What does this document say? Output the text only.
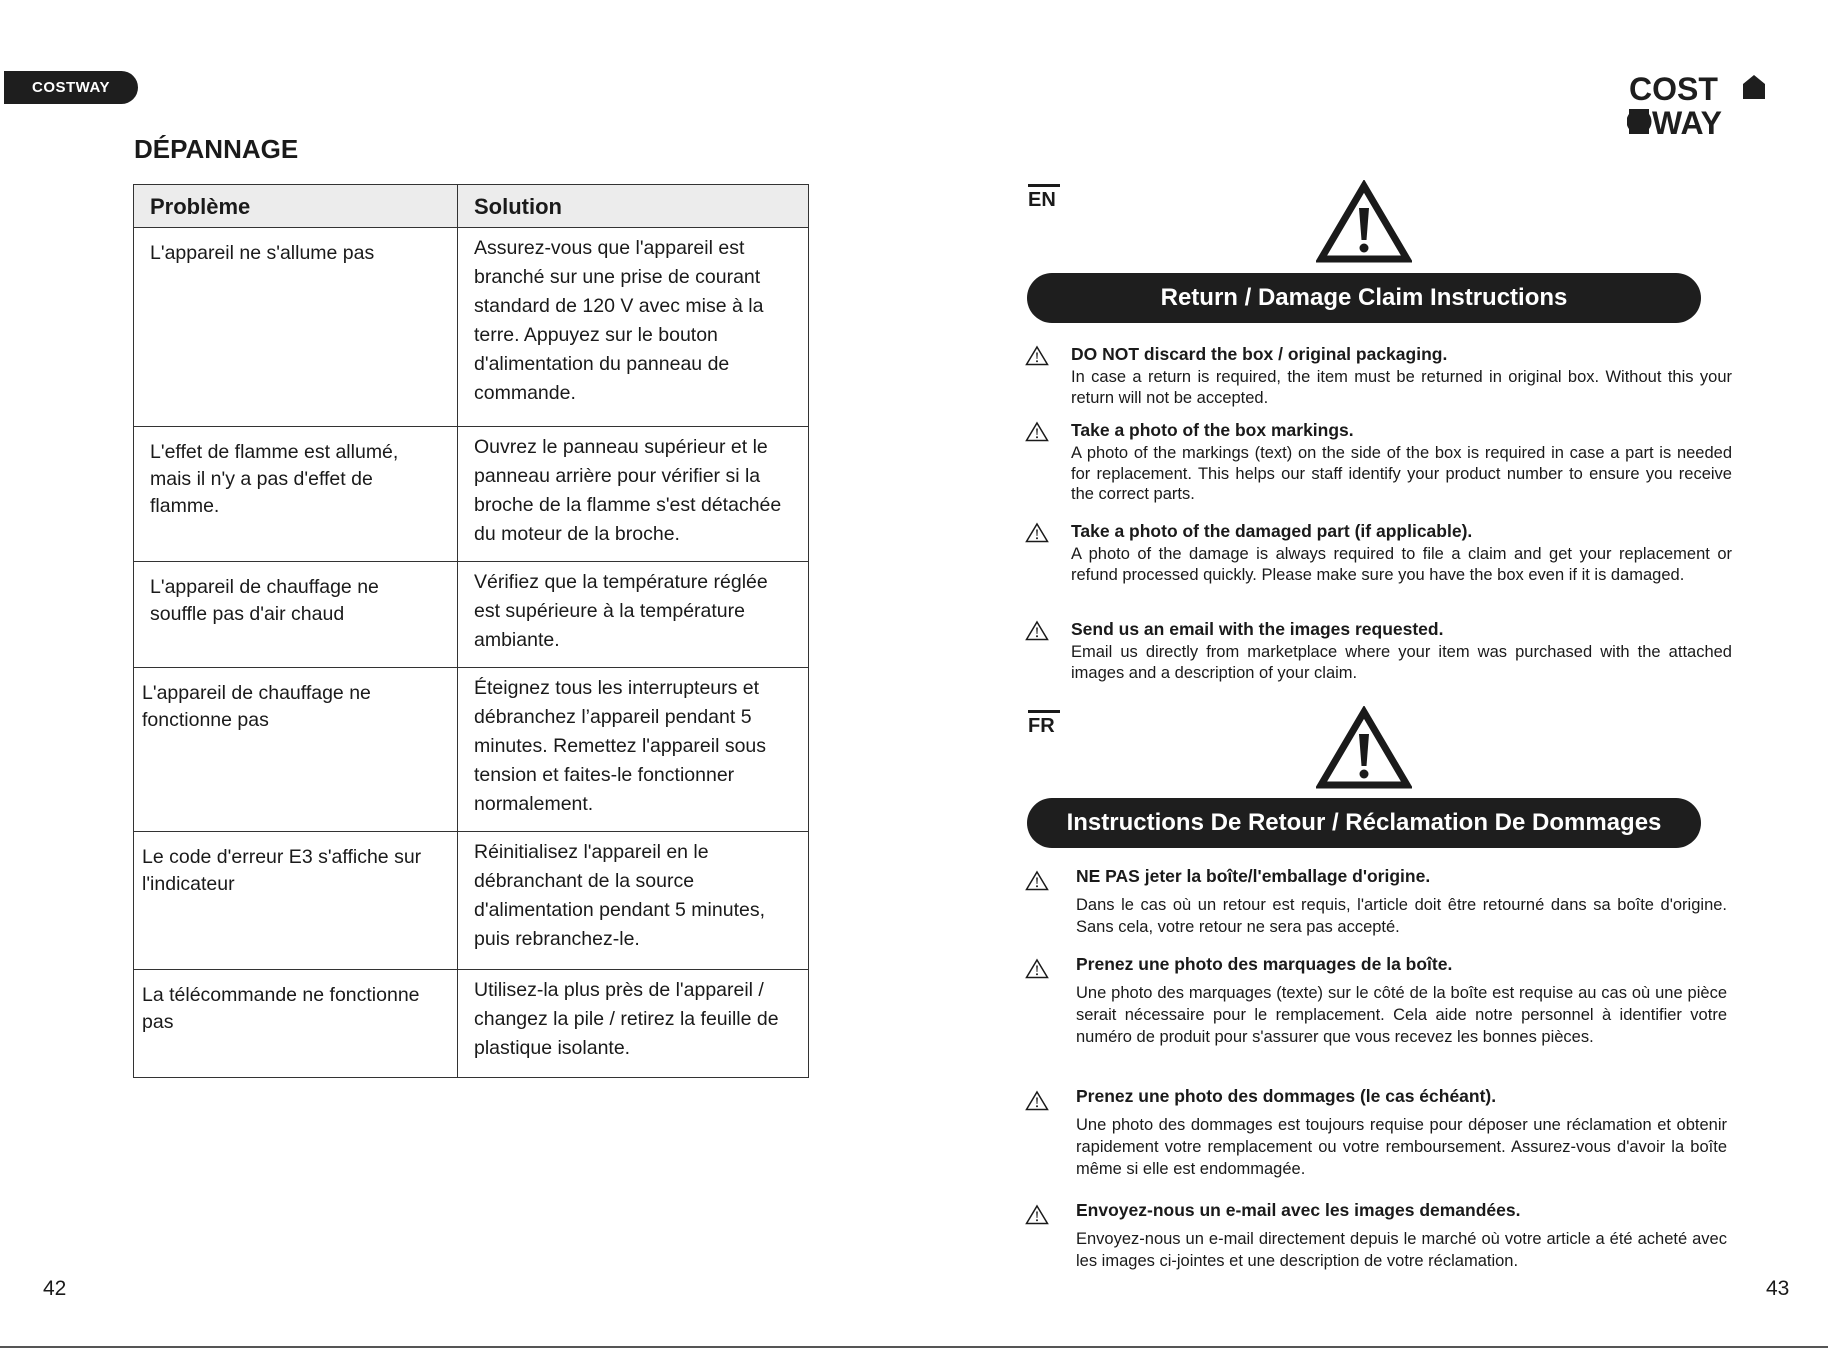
COSTWAY
DÉPANNAGE
Problème	Solution
L'appareil ne s'allume pas	Assurez-vous que l'appareil est branché sur une prise de courant standard de 120 V avec mise à la terre. Appuyez sur le bouton d'alimentation du panneau de commande.
L'effet de flamme est allumé, mais il n'y a pas d'effet de flamme.	Ouvrez le panneau supérieur et le panneau arrière pour vérifier si la broche de la flamme s'est détachée du moteur de la broche.
L'appareil de chauffage ne souffle pas d'air chaud	Vérifiez que la température réglée est supérieure à la température ambiante.
L'appareil de chauffage ne fonctionne pas	Éteignez tous les interrupteurs et débranchez l’appareil pendant 5 minutes. Remettez l'appareil sous tension et faites-le fonctionner normalement.
Le code d'erreur E3 s'affiche sur l'indicateur	Réinitialisez l'appareil en le débranchant de la source d'alimentation pendant 5 minutes, puis rebranchez-le.
La télécommande ne fonctionne pas	Utilisez-la plus près de l'appareil / changez la pile / retirez la feuille de plastique isolante.
42
COST
WAY
EN
Return / Damage Claim Instructions
DO NOT discard the box / original packaging.
In case a return is required, the item must be returned in original box. Without this your return will not be accepted.
Take a photo of the box markings.
A photo of the markings (text) on the side of the box is required in case a part is needed for replacement. This helps our staff identify your product number to ensure you receive the correct parts.
Take a photo of the damaged part (if applicable).
A photo of the damage is always required to file a claim and get your replacement or refund processed quickly. Please make sure you have the box even if it is damaged.
Send us an email with the images requested.
Email us directly from marketplace where your item was purchased with the attached images and a description of your claim.
FR
Instructions De Retour / Réclamation De Dommages
NE PAS jeter la boîte/l'emballage d'origine.
Dans le cas où un retour est requis, l'article doit être retourné dans sa boîte d'origine. Sans cela, votre retour ne sera pas accepté.
Prenez une photo des marquages de la boîte.
Une photo des marquages (texte) sur le côté de la boîte est requise au cas où une pièce serait nécessaire pour le remplacement. Cela aide notre personnel à identifier votre numéro de produit pour s'assurer que vous recevez les bonnes pièces.
Prenez une photo des dommages (le cas échéant).
Une photo des dommages est toujours requise pour déposer une réclamation et obtenir rapidement votre remplacement ou votre remboursement. Assurez-vous d'avoir la boîte même si elle est endommagée.
Envoyez-nous un e-mail avec les images demandées.
Envoyez-nous un e-mail directement depuis le marché où votre article a été acheté avec les images ci-jointes et une description de votre réclamation.
43
